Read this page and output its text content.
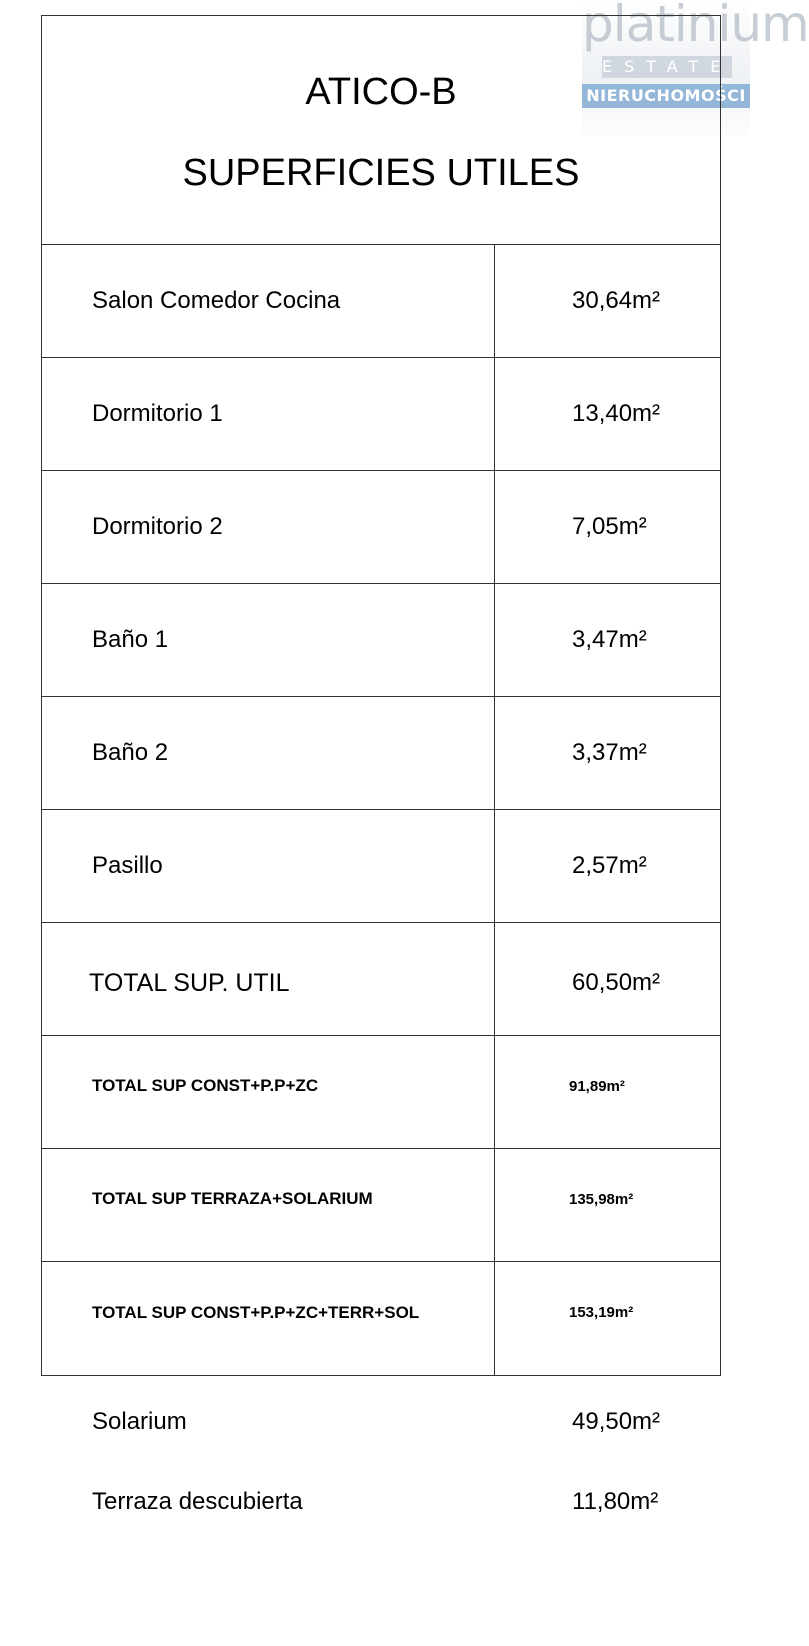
platinium
ESTATE
NIERUCHOMOŚCI
ATICO-B
SUPERFICIES UTILES
Salon Comedor Cocina	30,64m²
Dormitorio 1	13,40m²
Dormitorio 2	7,05m²
Baño 1	3,47m²
Baño 2	3,37m²
Pasillo	2,57m²
TOTAL SUP. UTIL	60,50m²
TOTAL SUP CONST+P.P+ZC	91,89m²
TOTAL SUP TERRAZA+SOLARIUM	135,98m²
TOTAL SUP CONST+P.P+ZC+TERR+SOL	153,19m²
Solarium	49,50m²
Terraza descubierta	11,80m²
